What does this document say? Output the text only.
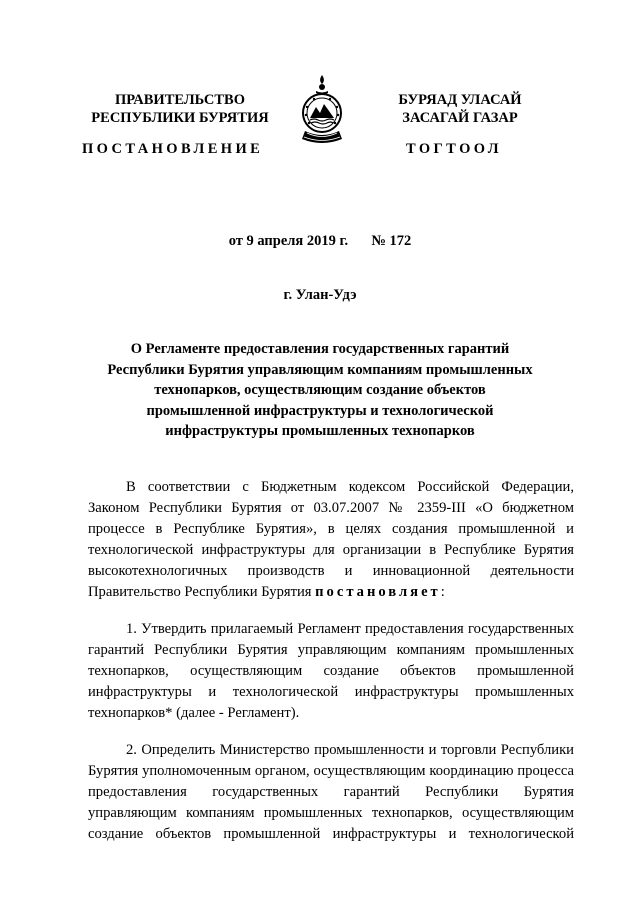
ПРАВИТЕЛЬСТВО
РЕСПУБЛИКИ БУРЯТИЯ
БУРЯАД УЛАСАЙ
ЗАСАГАЙ ГАЗАР
ПОСТАНОВЛЕНИЕ	ТОГТООЛ
от 9 апреля 2019 г. № 172
г. Улан-Удэ
О Регламенте предоставления государственных гарантий
Республики Бурятия управляющим компаниям промышленных
технопарков, осуществляющим создание объектов
промышленной инфраструктуры и технологической
инфраструктуры промышленных технопарков

В соответствии с Бюджетным кодексом Российской Федерации, Законом Республики Бурятия от 03.07.2007 № 2359-III «О бюджетном процессе в Республике Бурятия», в целях создания промышленной и технологической инфраструктуры для организации в Республике Бурятия высокотехнологичных производств и инновационной деятельности Правительство Республики Бурятия постановляет:

1. Утвердить прилагаемый Регламент предоставления государственных гарантий Республики Бурятия управляющим компаниям промышленных технопарков, осуществляющим создание объектов промышленной инфраструктуры и технологической инфраструктуры промышленных технопарков* (далее - Регламент).

2. Определить Министерство промышленности и торговли Республики Бурятия уполномоченным органом, осуществляющим координацию процесса предоставления государственных гарантий Республики Бурятия управляющим компаниям промышленных технопарков, осуществляющим создание объектов промышленной инфраструктуры и технологической
